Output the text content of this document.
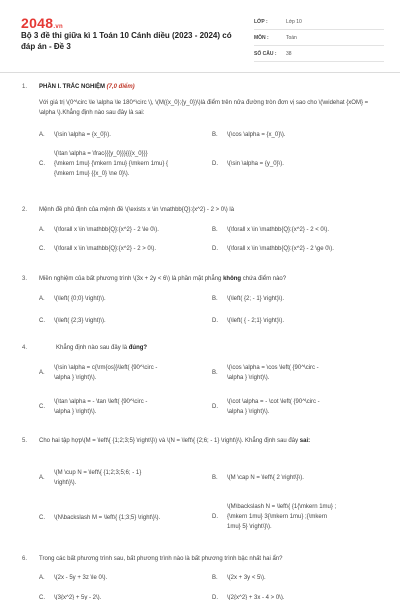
2048.vn
Bộ 3 đề thi giữa kì 1 Toán 10 Cánh diều (2023 - 2024) có đáp án - Đề 3
LỚP :	Lớp 10
MÔN :	Toán
SỐ CÂU :	38
1. PHẦN I. TRẮC NGHIỆM (7,0 điểm)
Với giá trị \(0^\circ \le \alpha \le 180^\circ \), \(M({x_0};{y_0})\)là điểm trên nửa đường tròn đơn vị sao cho \(\widehat {xOM} = \alpha \).Khẳng định nào sau đây là sai:
A. \(\sin \alpha = {x_0}\).	B. \(\cos \alpha = {x_0}\).
C.
\(\tan \alpha = \frac{{{y_0}}}{{{x_0}}}
{\mkern 1mu} {\mkern 1mu} {\mkern 1mu} {
{\mkern 1mu} {{x_0} \ne 0}\).
D. \(\sin \alpha = {y_0}\).
2. Mệnh đề phủ định của mệnh đề \(\exists x \in \mathbb{Q}:{x^2} - 2 > 0\) là
A. \(\forall x \in \mathbb{Q}:{x^2} - 2 \le 0\).	B. \(\forall x \in \mathbb{Q}:{x^2} - 2 < 0\).
C. \(\forall x \in \mathbb{Q}:{x^2} - 2 > 0\).	D. \(\forall x \in \mathbb{Q}:{x^2} - 2 \ge 0\).
3. Miền nghiệm của bất phương trình \(3x + 2y < 6\) là phần mặt phẳng không chứa điểm nào?
A. \(\left( {0;0} \right)\).	B. \(\left( {2; - 1} \right)\).
C. \(\left( {2;3} \right)\).	D. \(\left( { - 2;1} \right)\).
4.	Khẳng định nào sau đây là đúng?
A.
\(\sin \alpha = c{\rm{os}}\left( {90^\circ -
\alpha } \right)\).
B.
\(\cos \alpha = \cos \left( {90^\circ -
\alpha } \right)\).
C.
\(\tan \alpha = - \tan \left( {90^\circ -
\alpha } \right)\).
D.
\(\cot \alpha = - \cot \left( {90^\circ -
\alpha } \right)\).
5. Cho hai tập hợp\(M = \left\{ {1;2;3;5} \right\}\) và \(N = \left\{ {2;6; - 1} \right\}\). Khẳng định sau đây sai:
A.
\(M \cup N = \left\{ {1;2;3;5;6; - 1}
\right\}\).
B. \(M \cap N = \left\{ 2 \right\}\).
C. \(N\backslash M = \left\{ {1;3;5} \right\}\).	D.
\(M\backslash N = \left\{ {1{\mkern 1mu} ;
{\mkern 1mu} 3{\mkern 1mu} ;{\mkern
1mu} 5} \right\}\).
6. Trong các bất phương trình sau, bất phương trình nào là bất phương trình bậc nhất hai ẩn?
A. \(2x - 5y + 3z \le 0\).	B. \(2x + 3y < 5\).
C. \(3{x^2} + 5y - 2\).	D. \(2{x^2} + 3x - 4 > 0\).
